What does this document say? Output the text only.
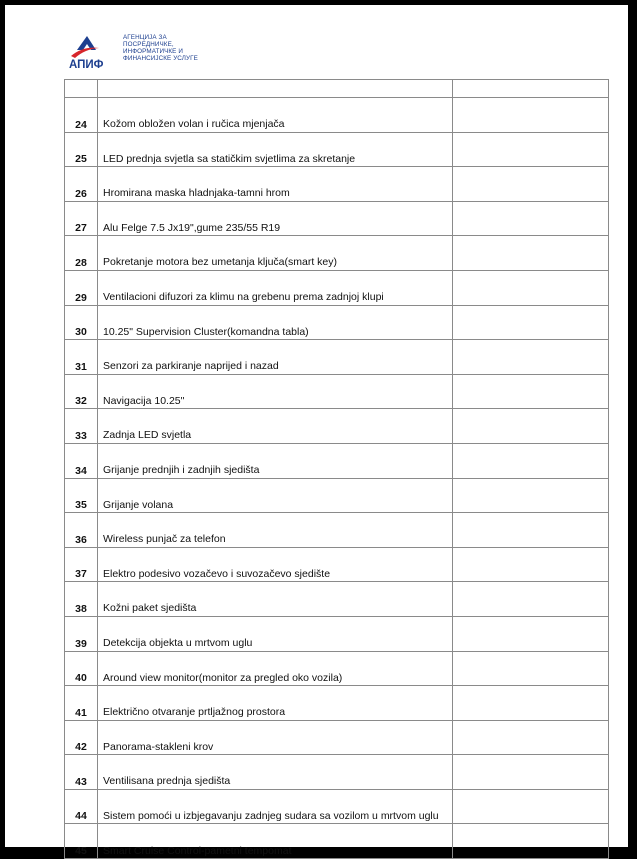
АПИФ
АГЕНЦИЈА ЗА
ПОСРЕДНИЧКЕ,
ИНФОРМАТИЧКЕ И
ФИНАНСИЈСКЕ УСЛУГЕ

24	Kožom obložen volan i ručica mjenjača	
25	LED prednja svjetla sa statičkim svjetlima za skretanje	
26	Hromirana maska hladnjaka-tamni hrom	
27	Alu Felge 7.5 Jx19",gume 235/55 R19	
28	Pokretanje motora bez umetanja ključa(smart key)	
29	Ventilacioni difuzori za klimu na grebenu prema zadnjoj klupi	
30	10.25" Supervision Cluster(komandna tabla)	
31	Senzori za parkiranje naprijed i nazad	
32	Navigacija 10.25"	
33	Zadnja LED svjetla	
34	Grijanje prednjih i zadnjih sjedišta	
35	Grijanje volana	
36	Wireless punjač za telefon	
37	Elektro podesivo vozačevo i suvozačevo sjedište	
38	Kožni paket sjedišta	
39	Detekcija objekta u mrtvom uglu	
40	Around view monitor(monitor za pregled oko vozila)	
41	Električno otvaranje prtljažnog prostora	
42	Panorama-stakleni krov	
43	Ventilisana prednja sjedišta	
44	Sistem pomoći u izbjegavanju zadnjeg sudara sa vozilom u mrtvom uglu	
45	Smart Cruise Control-pametni tempomat	
